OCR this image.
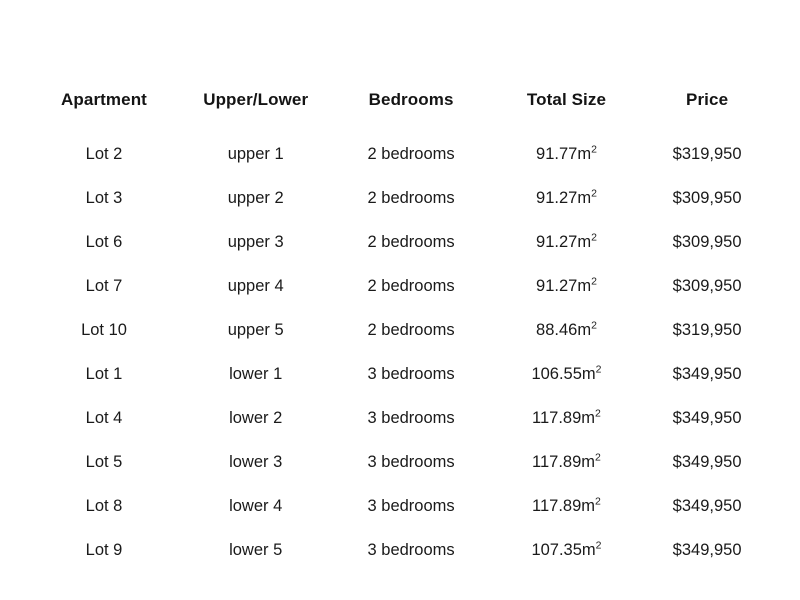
Apartment	Upper/Lower	Bedrooms	Total Size	Price
Lot 2	upper 1	2 bedrooms	$91.77m^2$	$319,950
Lot 3	upper 2	2 bedrooms	$91.27m^2$	$309,950
Lot 6	upper 3	2 bedrooms	$91.27m^2$	$309,950
Lot 7	upper 4	2 bedrooms	$91.27m^2$	$309,950
Lot 10	upper 5	2 bedrooms	$88.46m^2$	$319,950
Lot 1	lower 1	3 bedrooms	$106.55m^2$	$349,950
Lot 4	lower 2	3 bedrooms	$117.89m^2$	$349,950
Lot 5	lower 3	3 bedrooms	$117.89m^2$	$349,950
Lot 8	lower 4	3 bedrooms	$117.89m^2$	$349,950
Lot 9	lower 5	3 bedrooms	$107.35m^2$	$349,950
